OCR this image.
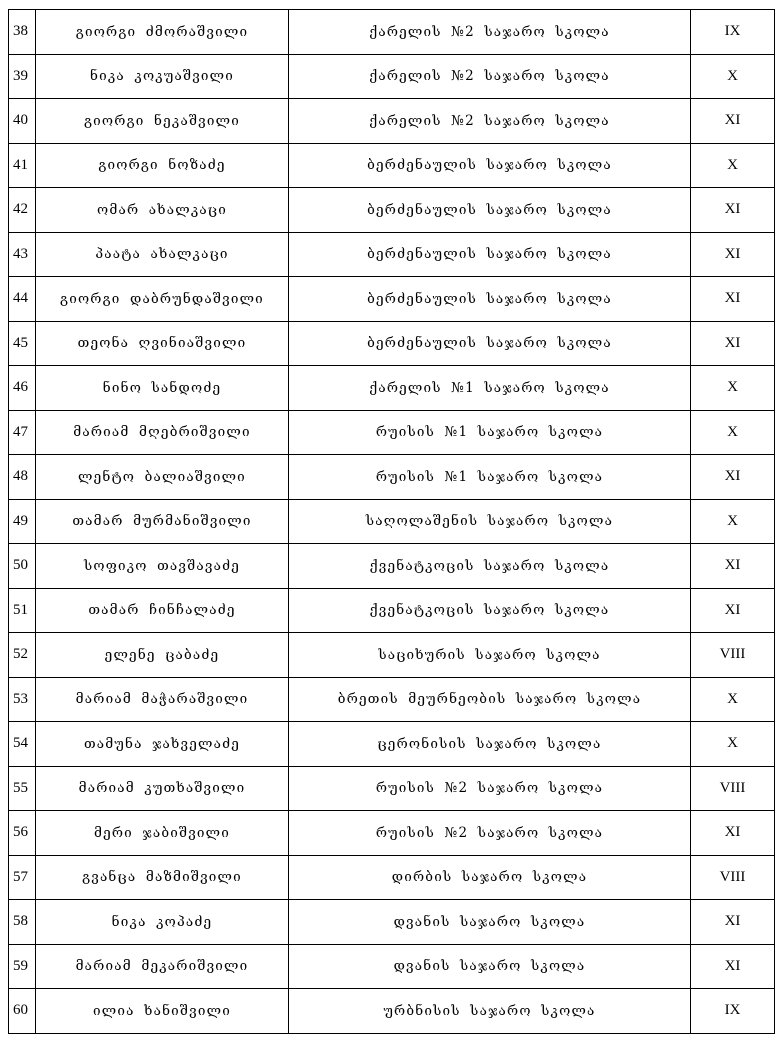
38	გიორგი ძმორაშვილი	ქარელის №2 საჯარო სკოლა	IX
39	ნიკა კოკუაშვილი	ქარელის №2 საჯარო სკოლა	X
40	გიორგი ნეკაშვილი	ქარელის №2 საჯარო სკოლა	XI
41	გიორგი ნოზაძე	ბერძენაულის საჯარო სკოლა	X
42	ომარ ახალკაცი	ბერძენაულის საჯარო სკოლა	XI
43	პაატა ახალკაცი	ბერძენაულის საჯარო სკოლა	XI
44	გიორგი დაბრუნდაშვილი	ბერძენაულის საჯარო სკოლა	XI
45	თეონა ღვინიაშვილი	ბერძენაულის საჯარო სკოლა	XI
46	ნინო სანდოძე	ქარელის №1 საჯარო სკოლა	X
47	მარიამ მღებრიშვილი	რუისის №1 საჯარო სკოლა	X
48	ლენტო ბალიაშვილი	რუისის №1 საჯარო სკოლა	XI
49	თამარ მურმანიშვილი	საღოლაშენის საჯარო სკოლა	X
50	სოფიკო თავშავაძე	ქვენატკოცის საჯარო სკოლა	XI
51	თამარ ჩინჩალაძე	ქვენატკოცის საჯარო სკოლა	XI
52	ელენე ცაბაძე	საციხურის საჯარო სკოლა	VIII
53	მარიამ მაჭარაშვილი	ბრეთის მეურნეობის საჯარო სკოლა	X
54	თამუნა ჯახველაძე	ცერონისის საჯარო სკოლა	X
55	მარიამ კუთხაშვილი	რუისის №2 საჯარო სკოლა	VIII
56	მერი ჯაბიშვილი	რუისის №2 საჯარო სკოლა	XI
57	გვანცა მაზმიშვილი	დირბის საჯარო სკოლა	VIII
58	ნიკა კოპაძე	დვანის საჯარო სკოლა	XI
59	მარიამ მეკარიშვილი	დვანის საჯარო სკოლა	XI
60	ილია ხანიშვილი	ურბნისის საჯარო სკოლა	IX
